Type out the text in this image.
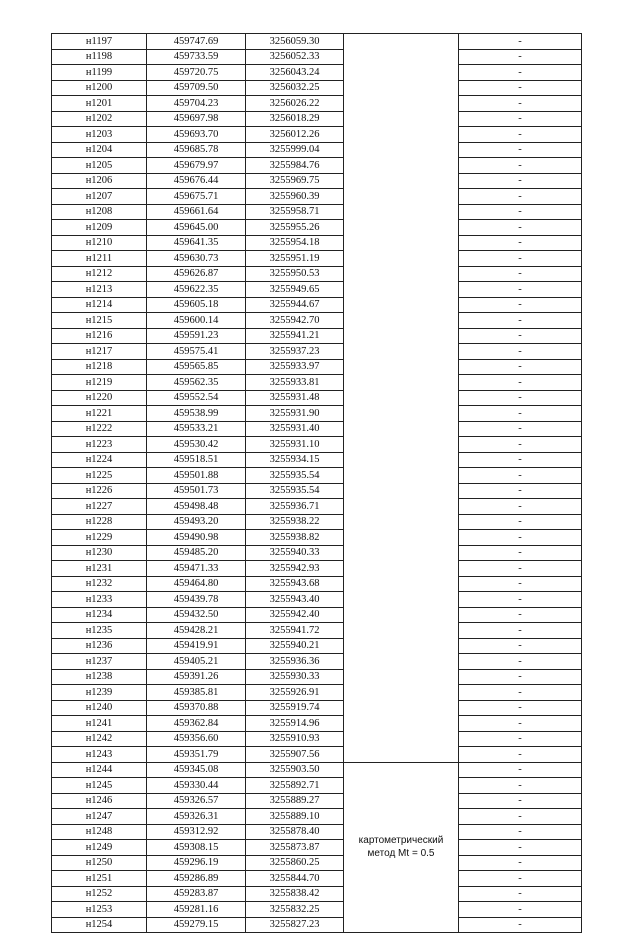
н1197	459747.69	3256059.30		-
н1198	459733.59	3256052.33		-
н1199	459720.75	3256043.24		-
н1200	459709.50	3256032.25		-
н1201	459704.23	3256026.22		-
н1202	459697.98	3256018.29		-
н1203	459693.70	3256012.26		-
н1204	459685.78	3255999.04		-
н1205	459679.97	3255984.76		-
н1206	459676.44	3255969.75		-
н1207	459675.71	3255960.39		-
н1208	459661.64	3255958.71		-
н1209	459645.00	3255955.26		-
н1210	459641.35	3255954.18		-
н1211	459630.73	3255951.19		-
н1212	459626.87	3255950.53		-
н1213	459622.35	3255949.65		-
н1214	459605.18	3255944.67		-
н1215	459600.14	3255942.70		-
н1216	459591.23	3255941.21		-
н1217	459575.41	3255937.23		-
н1218	459565.85	3255933.97		-
н1219	459562.35	3255933.81		-
н1220	459552.54	3255931.48		-
н1221	459538.99	3255931.90		-
н1222	459533.21	3255931.40		-
н1223	459530.42	3255931.10		-
н1224	459518.51	3255934.15		-
н1225	459501.88	3255935.54		-
н1226	459501.73	3255935.54		-
н1227	459498.48	3255936.71		-
н1228	459493.20	3255938.22		-
н1229	459490.98	3255938.82		-
н1230	459485.20	3255940.33		-
н1231	459471.33	3255942.93		-
н1232	459464.80	3255943.68		-
н1233	459439.78	3255943.40		-
н1234	459432.50	3255942.40		-
н1235	459428.21	3255941.72		-
н1236	459419.91	3255940.21		-
н1237	459405.21	3255936.36		-
н1238	459391.26	3255930.33		-
н1239	459385.81	3255926.91		-
н1240	459370.88	3255919.74		-
н1241	459362.84	3255914.96		-
н1242	459356.60	3255910.93		-
н1243	459351.79	3255907.56		-
н1244	459345.08	3255903.50	картометрический метод Mt = 0.5	-
н1245	459330.44	3255892.71		-
н1246	459326.57	3255889.27		-
н1247	459326.31	3255889.10		-
н1248	459312.92	3255878.40		-
н1249	459308.15	3255873.87		-
н1250	459296.19	3255860.25		-
н1251	459286.89	3255844.70		-
н1252	459283.87	3255838.42		-
н1253	459281.16	3255832.25		-
н1254	459279.15	3255827.23		-
